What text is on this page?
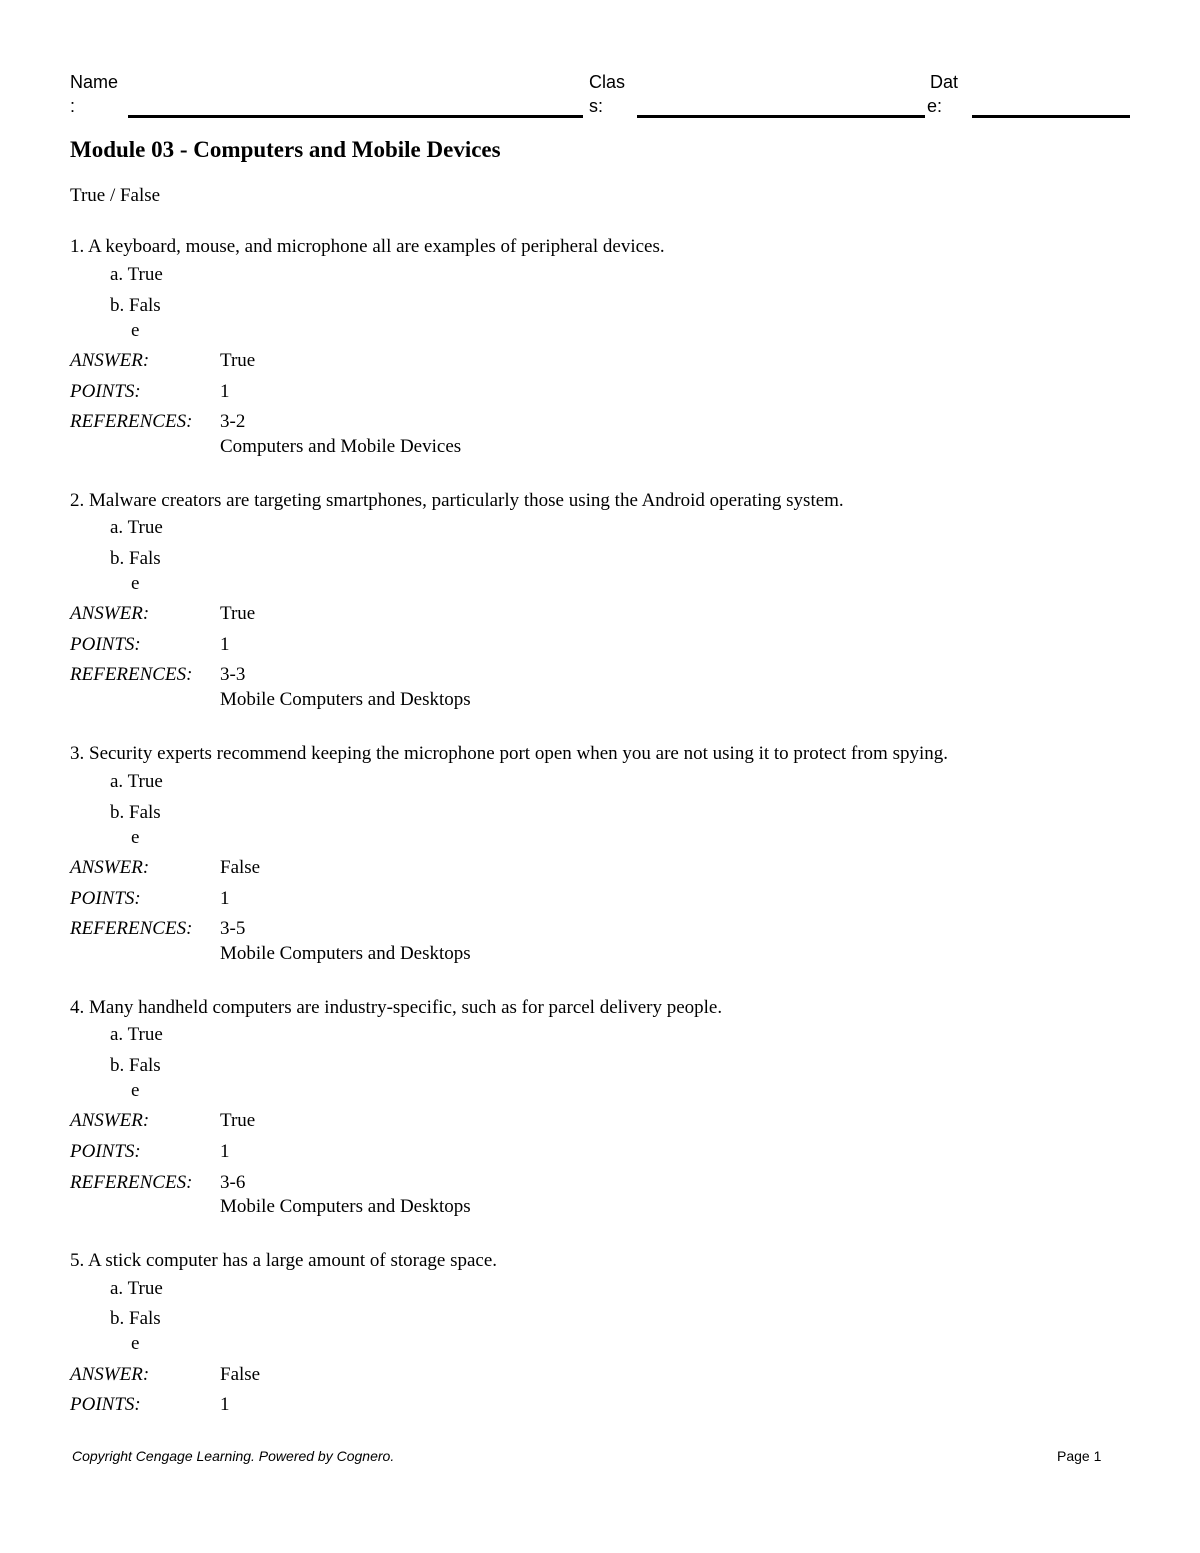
Name
:
Clas
s:
Dat
e:
Module 03 - Computers and Mobile Devices
True / False
1. A keyboard, mouse, and microphone all are examples of peripheral devices.
a. True
b. Fals
e
ANSWER:	True
POINTS:	1
REFERENCES: 3-2
Computers and Mobile Devices
2. Malware creators are targeting smartphones, particularly those using the Android operating system.
a. True
b. Fals
e
ANSWER:	True
POINTS:	1
REFERENCES: 3-3
Mobile Computers and Desktops
3. Security experts recommend keeping the microphone port open when you are not using it to protect from spying.
a. True
b. Fals
e
ANSWER:	False
POINTS:	1
REFERENCES: 3-5
Mobile Computers and Desktops
4. Many handheld computers are industry-specific, such as for parcel delivery people.
a. True
b. Fals
e
ANSWER:	True
POINTS:	1
REFERENCES: 3-6
Mobile Computers and Desktops
5. A stick computer has a large amount of storage space.
a. True
b. Fals
e
ANSWER:	False
POINTS:	1
Copyright Cengage Learning. Powered by Cognero.	Page 1
